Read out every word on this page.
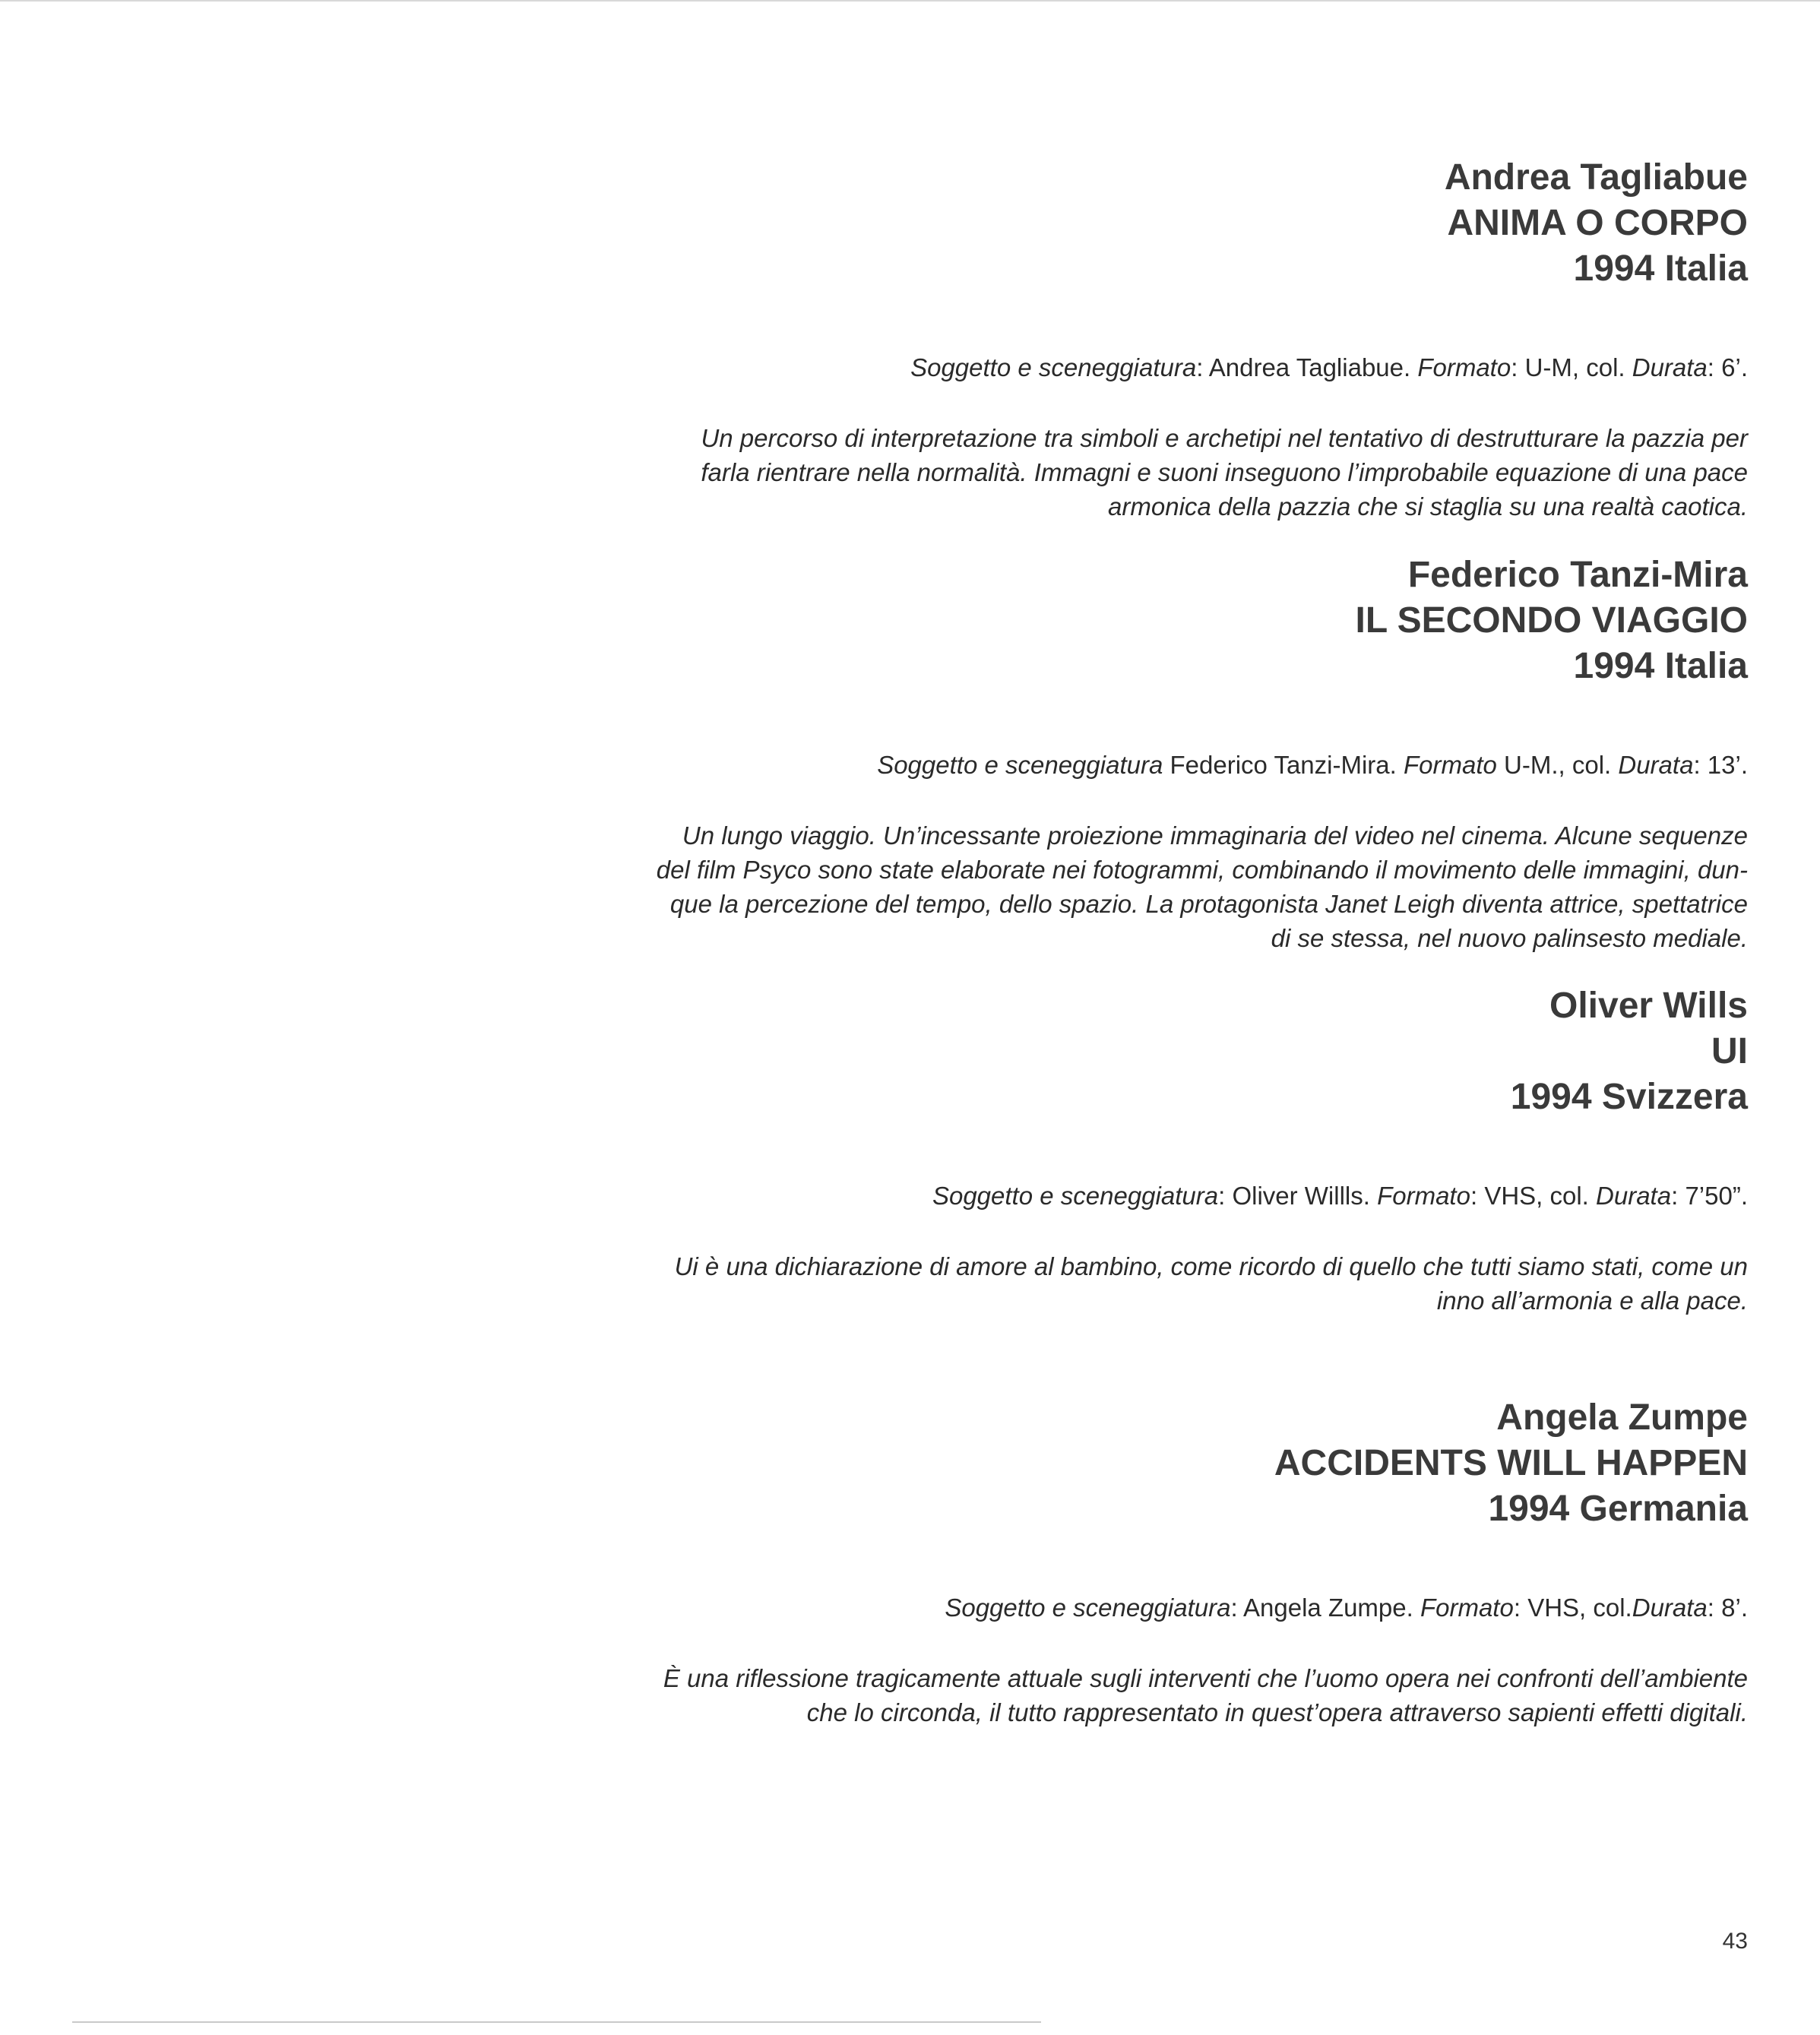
Andrea Tagliabue
ANIMA O CORPO
1994 Italia
Soggetto e sceneggiatura: Andrea Tagliabue. Formato: U-M, col. Durata: 6’.
Un percorso di interpretazione tra simboli e archetipi nel tentativo di destrutturare la pazzia per
farla rientrare nella normalità. Immagni e suoni inseguono l’improbabile equazione di una pace
armonica della pazzia che si staglia su una realtà caotica.
Federico Tanzi-Mira
IL SECONDO VIAGGIO
1994 Italia
Soggetto e sceneggiatura Federico Tanzi-Mira. Formato U-M., col. Durata: 13’.
Un lungo viaggio. Un’incessante proiezione immaginaria del video nel cinema. Alcune sequenze
del film Psyco sono state elaborate nei fotogrammi, combinando il movimento delle immagini, dun-
que la percezione del tempo, dello spazio. La protagonista Janet Leigh diventa attrice, spettatrice
di se stessa, nel nuovo palinsesto mediale.
Oliver Wills
UI
1994 Svizzera
Soggetto e sceneggiatura: Oliver Willls. Formato: VHS, col. Durata: 7’50”.
Ui è una dichiarazione di amore al bambino, come ricordo di quello che tutti siamo stati, come un
inno all’armonia e alla pace.
Angela Zumpe
ACCIDENTS WILL HAPPEN
1994 Germania
Soggetto e sceneggiatura: Angela Zumpe. Formato: VHS, col.Durata: 8’.
È una riflessione tragicamente attuale sugli interventi che l’uomo opera nei confronti dell’ambiente
che lo circonda, il tutto rappresentato in quest’opera attraverso sapienti effetti digitali.
43
